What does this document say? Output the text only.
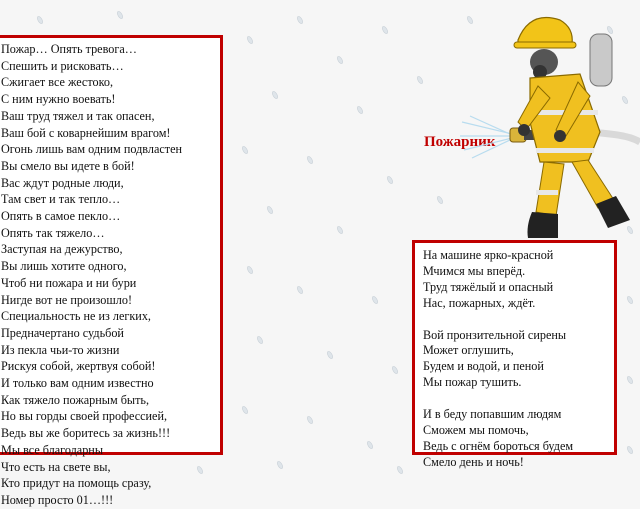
Пожар… Опять тревога…
Спешить и рисковать…
Сжигает все жестоко,
С ним нужно воевать!
Ваш труд тяжел и так опасен,
Ваш бой с коварнейшим врагом!
Огонь лишь вам одним подвластен
Вы смело вы идете в бой!
Вас ждут родные люди,
Там свет и так тепло…
Опять в самое пекло…
Опять так тяжело…
Заступая на дежурство,
Вы лишь хотите одного,
Чтоб ни пожара и ни бури
Нигде вот не произошло!
Специальность не из легких,
Предначертано судьбой
Из пекла чьи-то жизни
Рискуя собой, жертвуя собой!
И только вам одним известно
Как тяжело пожарным быть,
Но вы горды своей профессией,
Ведь вы же боритесь за жизнь!!!
Мы все благодарны
Что есть на свете вы,
Кто придут на помощь сразу,
Номер просто 01…!!!
Пожарник
На машине ярко-красной
Мчимся мы вперёд.
Труд тяжёлый и опасный
Нас, пожарных, ждёт.
Вой пронзительной сирены
Может оглушить,
Будем и водой, и пеной
Мы пожар тушить.
И в беду попавшим людям
Сможем мы помочь,
Ведь с огнём бороться будем
Смело день и ночь!
